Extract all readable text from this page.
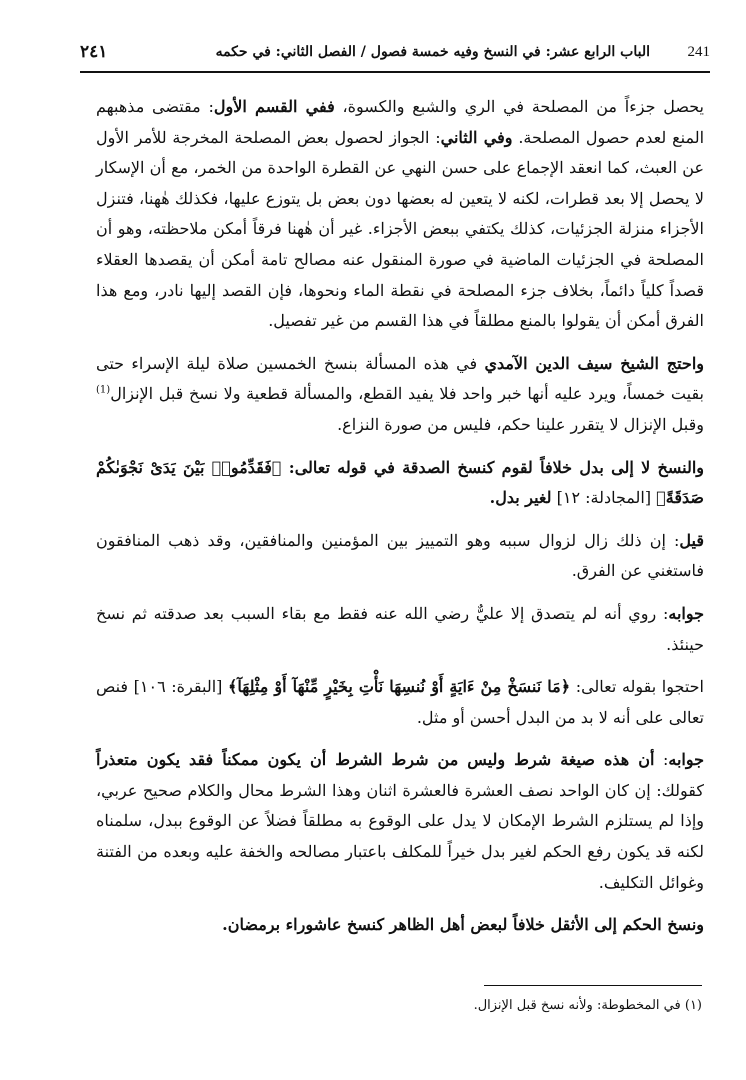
241
الباب الرابع عشر: في النسخ وفيه خمسة فصول / الفصل الثاني: في حكمه
٢٤١

يحصل جزءاً من المصلحة في الري والشبع والكسوة، ففي القسم الأول: مقتضى مذهبهم المنع لعدم حصول المصلحة. وفي الثاني: الجواز لحصول بعض المصلحة المخرجة للأمر الأول عن العبث، كما انعقد الإجماع على حسن النهي عن القطرة الواحدة من الخمر، مع أن الإسكار لا يحصل إلا بعد قطرات، لكنه لا يتعين له بعضها دون بعض بل يتوزع عليها، فكذلك هٰهنا، فتنزل الأجزاء منزلة الجزئيات، كذلك يكتفي ببعض الأجزاء. غير أن هٰهنا فرقاً أمكن ملاحظته، وهو أن المصلحة في الجزئيات الماضية في صورة المنقول عنه مصالح تامة أمكن أن يقصدها العقلاء قصداً كلياً دائماً، بخلاف جزء المصلحة في نقطة الماء ونحوها، فإن القصد إليها نادر، ومع هذا الفرق أمكن أن يقولوا بالمنع مطلقاً في هذا القسم من غير تفصيل.

واحتج الشيخ سيف الدين الآمدي في هذه المسألة بنسخ الخمسين صلاة ليلة الإسراء حتى بقيت خمساً، ويرد عليه أنها خبر واحد فلا يفيد القطع، والمسألة قطعية ولا نسخ قبل الإنزال$^{(1)}$ وقبل الإنزال لا يتقرر علينا حكم، فليس من صورة النزاع.

والنسخ لا إلى بدل خلافاً لقوم كنسخ الصدقة في قوله تعالى: ﴿فَقَدِّمُوا۟ بَيْنَ يَدَىْ نَجْوَىٰكُمْ صَدَقَةً﴾ [المجادلة: ١٢] لغير بدل.

قيل: إن ذلك زال لزوال سببه وهو التمييز بين المؤمنين والمنافقين، وقد ذهب المنافقون فاستغني عن الفرق.

جوابه: روي أنه لم يتصدق إلا عليٌّ رضي الله عنه فقط مع بقاء السبب بعد صدقته ثم نسخ حينئذ.

احتجوا بقوله تعالى: ﴿مَا نَنسَخْ مِنْ ءَايَةٍ أَوْ نُنسِهَا نَأْتِ بِخَيْرٍ مِّنْهَآ أَوْ مِثْلِهَآ﴾ [البقرة: ١٠٦] فنص تعالى على أنه لا بد من البدل أحسن أو مثل.

جوابه: أن هذه صيغة شرط وليس من شرط الشرط أن يكون ممكناً فقد يكون متعذراً كقولك: إن كان الواحد نصف العشرة فالعشرة اثنان وهذا الشرط محال والكلام صحيح عربي، وإذا لم يستلزم الشرط الإمكان لا يدل على الوقوع به مطلقاً فضلاً عن الوقوع ببدل، سلمناه لكنه قد يكون رفع الحكم لغير بدل خيراً للمكلف باعتبار مصالحه والخفة عليه وبعده من الفتنة وغوائل التكليف.

ونسخ الحكم إلى الأثقل خلافاً لبعض أهل الظاهر كنسخ عاشوراء برمضان.

(١) في المخطوطة: ولأنه نسخ قبل الإنزال.
